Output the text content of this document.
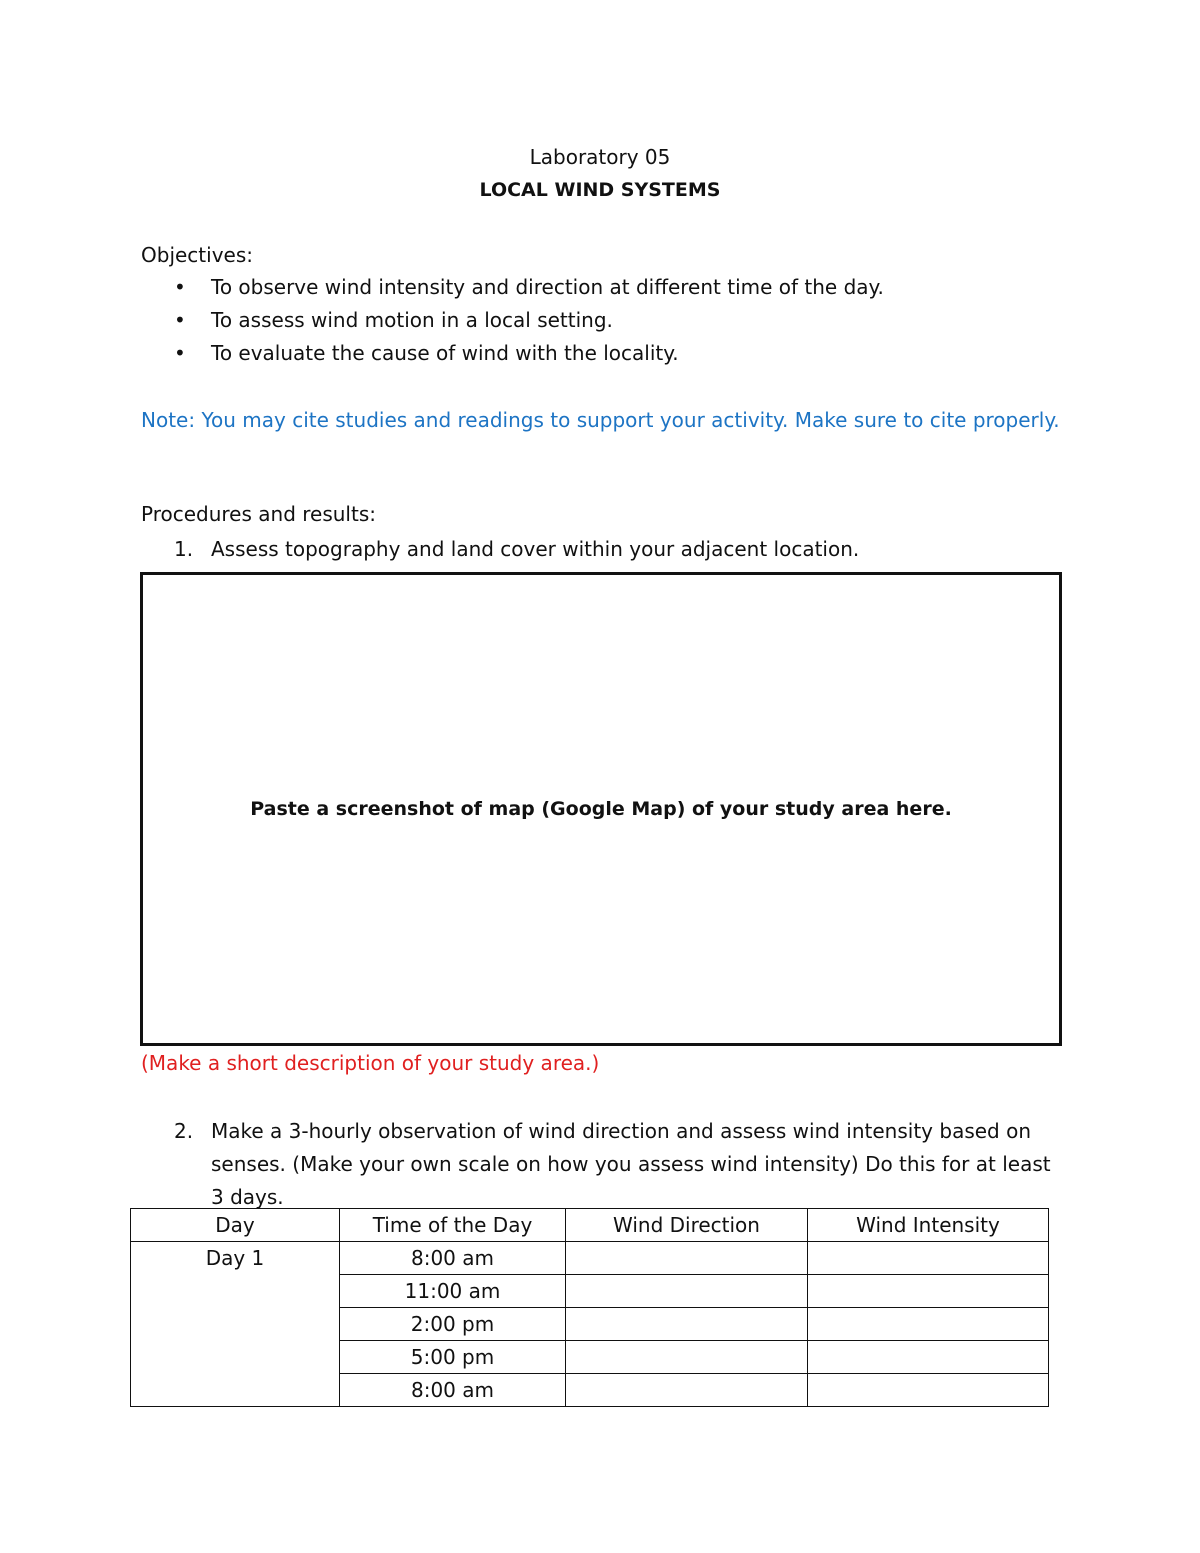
Laboratory 05
LOCAL WIND SYSTEMS
Objectives:
• To observe wind intensity and direction at different time of the day.
• To assess wind motion in a local setting.
• To evaluate the cause of wind with the locality.
Note: You may cite studies and readings to support your activity. Make sure to cite properly.
Procedures and results:
1. Assess topography and land cover within your adjacent location.
Paste a screenshot of map (Google Map) of your study area here.
(Make a short description of your study area.)
2. Make a 3-hourly observation of wind direction and assess wind intensity based on senses. (Make your own scale on how you assess wind intensity) Do this for at least 3 days.
Day	Time of the Day	Wind Direction	Wind Intensity
Day 1	8:00 am		
	11:00 am		
	2:00 pm		
	5:00 pm		
	8:00 am		
